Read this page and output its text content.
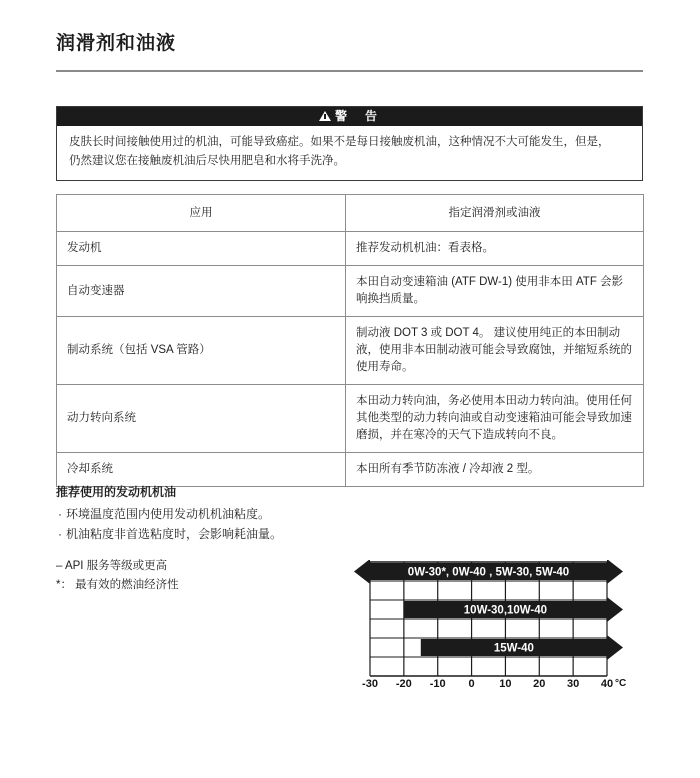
润滑剂和油液
警　告
皮肤长时间接触使用过的机油，可能导致癌症。如果不是每日接触废机油，这种情况不大可能发生，但是，
仍然建议您在接触废机油后尽快用肥皂和水将手洗净。
应用	指定润滑剂或油液
发动机	推荐发动机机油：看表格。
自动变速器	本田自动变速箱油 (ATF DW-1) 使用非本田 ATF 会影响换挡质量。
制动系统（包括 VSA 管路）	制动液 DOT 3 或 DOT 4。 建议使用纯正的本田制动液，使用非本田制动液可能会导致腐蚀，并缩短系统的使用寿命。
动力转向系统	本田动力转向油，务必使用本田动力转向油。使用任何其他类型的动力转向油或自动变速箱油可能会导致加速磨损，并在寒冷的天气下造成转向不良。
冷却系统	本田所有季节防冻液 / 冷却液 2 型。
推荐使用的发动机机油
· 环境温度范围内使用发动机机油粘度。
· 机油粘度非首选粘度时，会影响耗油量。
– API 服务等级或更高
*： 最有效的燃油经济性
0W-30*, 0W-40 , 5W-30, 5W-40
10W-30,10W-40
15W-40
-30 -20 -10 0 10 20 30 40 °C
